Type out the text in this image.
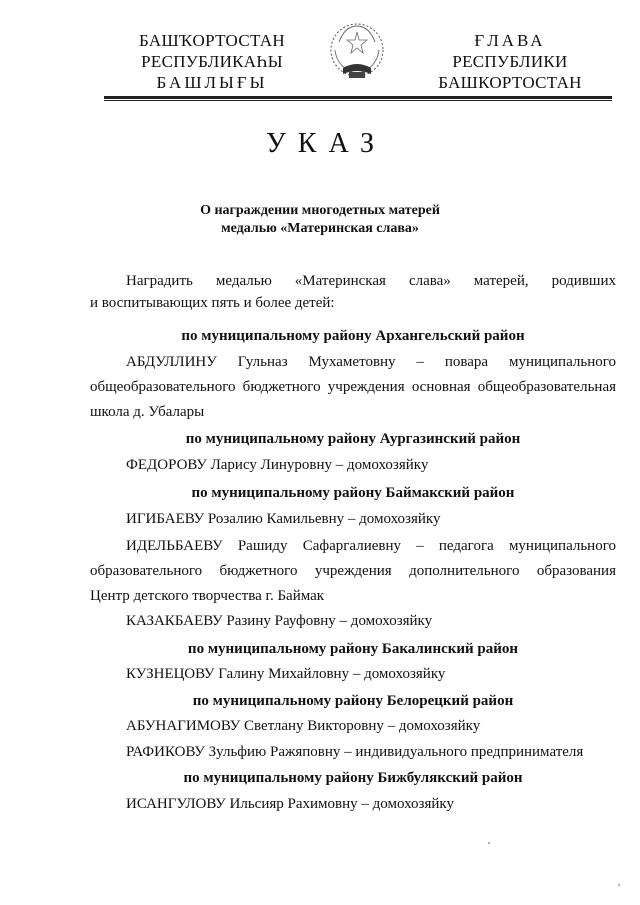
БАШҠОРТОСТАН
РЕСПУБЛИКАҺЫ
БАШЛЫҒЫ
ҒЛАВА
РЕСПУБЛИКИ
БАШКОРТОСТАН
УКАЗ
О награждении многодетных матерей
медалью «Материнская слава»
Наградить медалью «Материнская слава» матерей, родивших
и воспитывающих пять и более детей:
по муниципальному району Архангельский район
АБДУЛЛИНУ Гульназ Мухаметовну – повара муниципального
общеобразовательного бюджетного учреждения основная общеобразовательная
школа д. Убалары
по муниципальному району Аургазинский район
ФЕДОРОВУ Ларису Линуровну – домохозяйку
по муниципальному району Баймакский район
ИГИБАЕВУ Розалию Камильевну – домохозяйку
ИДЕЛЬБАЕВУ Рашиду Сафаргалиевну – педагога муниципального
образовательного бюджетного учреждения дополнительного образования
Центр детского творчества г. Баймак
КАЗАКБАЕВУ Разину Рауфовну – домохозяйку
по муниципальному району Бакалинский район
КУЗНЕЦОВУ Галину Михайловну – домохозяйку
по муниципальному району Белорецкий район
АБУНАГИМОВУ Светлану Викторовну – домохозяйку
РАФИКОВУ Зульфию Ражяповну – индивидуального предпринимателя
по муниципальному району Бижбулякский район
ИСАНГУЛОВУ Ильсияр Рахимовну – домохозяйку
